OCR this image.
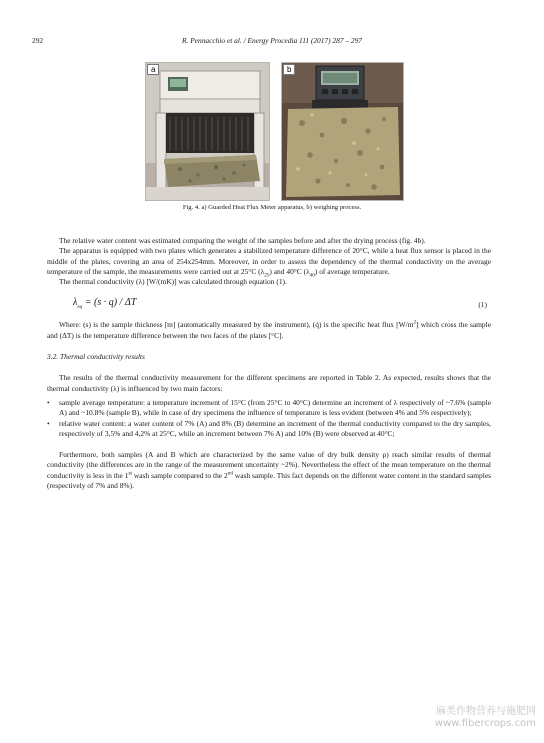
292	R. Pennacchio et al. / Energy Procedia 111 (2017) 287 – 297
a	b
Fig. 4. a) Guarded Heat Flux Meter apparatus, b) weighing process.

The relative water content was estimated comparing the weight of the samples before and after the drying process (fig. 4b).

The apparatus is equipped with two plates which generates a stabilized temperature difference of 20°C, while a heat flux sensor is placed in the middle of the plates, covering an area of 254x254mm. Moreover, in order to assess the dependency of the thermal conductivity on the average temperature of the sample, the measurements were carried out at 25°C $(\lambda_{25})$ and 40°C $(\lambda_{40})$ of average temperature.

The thermal conductivity (λ) [W/(mK)] was calculated through equation (1).

$\lambda_{eq} = (s \cdot q) / \Delta T$	(1)

Where: (s) is the sample thickness [m] (automatically measured by the instrument), (q̇) is the specific heat flux $[W/m^2]$ which cross the sample and (ΔT) is the temperature difference between the two faces of the plates [°C].

3.2. Thermal conductivity results

The results of the thermal conductivity measurement for the different specimens are reported in Table 2. As expected, results shows that the thermal conductivity (λ) is influenced by two main factors:

• sample average temperature: a temperature increment of 15°C (from 25°C to 40°C) determine an increment of λ respectively of ~7.6% (sample A) and ~10.8% (sample B), while in case of dry specimens the influence of temperature is less evident (between 4% and 5% respectively);
• relative water content: a water content of 7% (A) and 8% (B) determine an increment of the thermal conductivity compared to the dry samples, respectively of 3,5% and 4,2% at 25°C, while an increment between 7% A) and 10% (B) were observed at 40°C;

Furthermore, both samples (A and B which are characterized by the same value of dry bulk density ρ) reach similar results of thermal conductivity (the differences are in the range of the measurement uncertainty ~2%). Nevertheless the effect of the mean temperature on the thermal conductivity is less in the 1st wash sample compared to the 2nd wash sample. This fact depends on the different water content in the standard samples (respectively of 7% and 8%).

麻类作物营养与施肥网
www.fibercrops.com
